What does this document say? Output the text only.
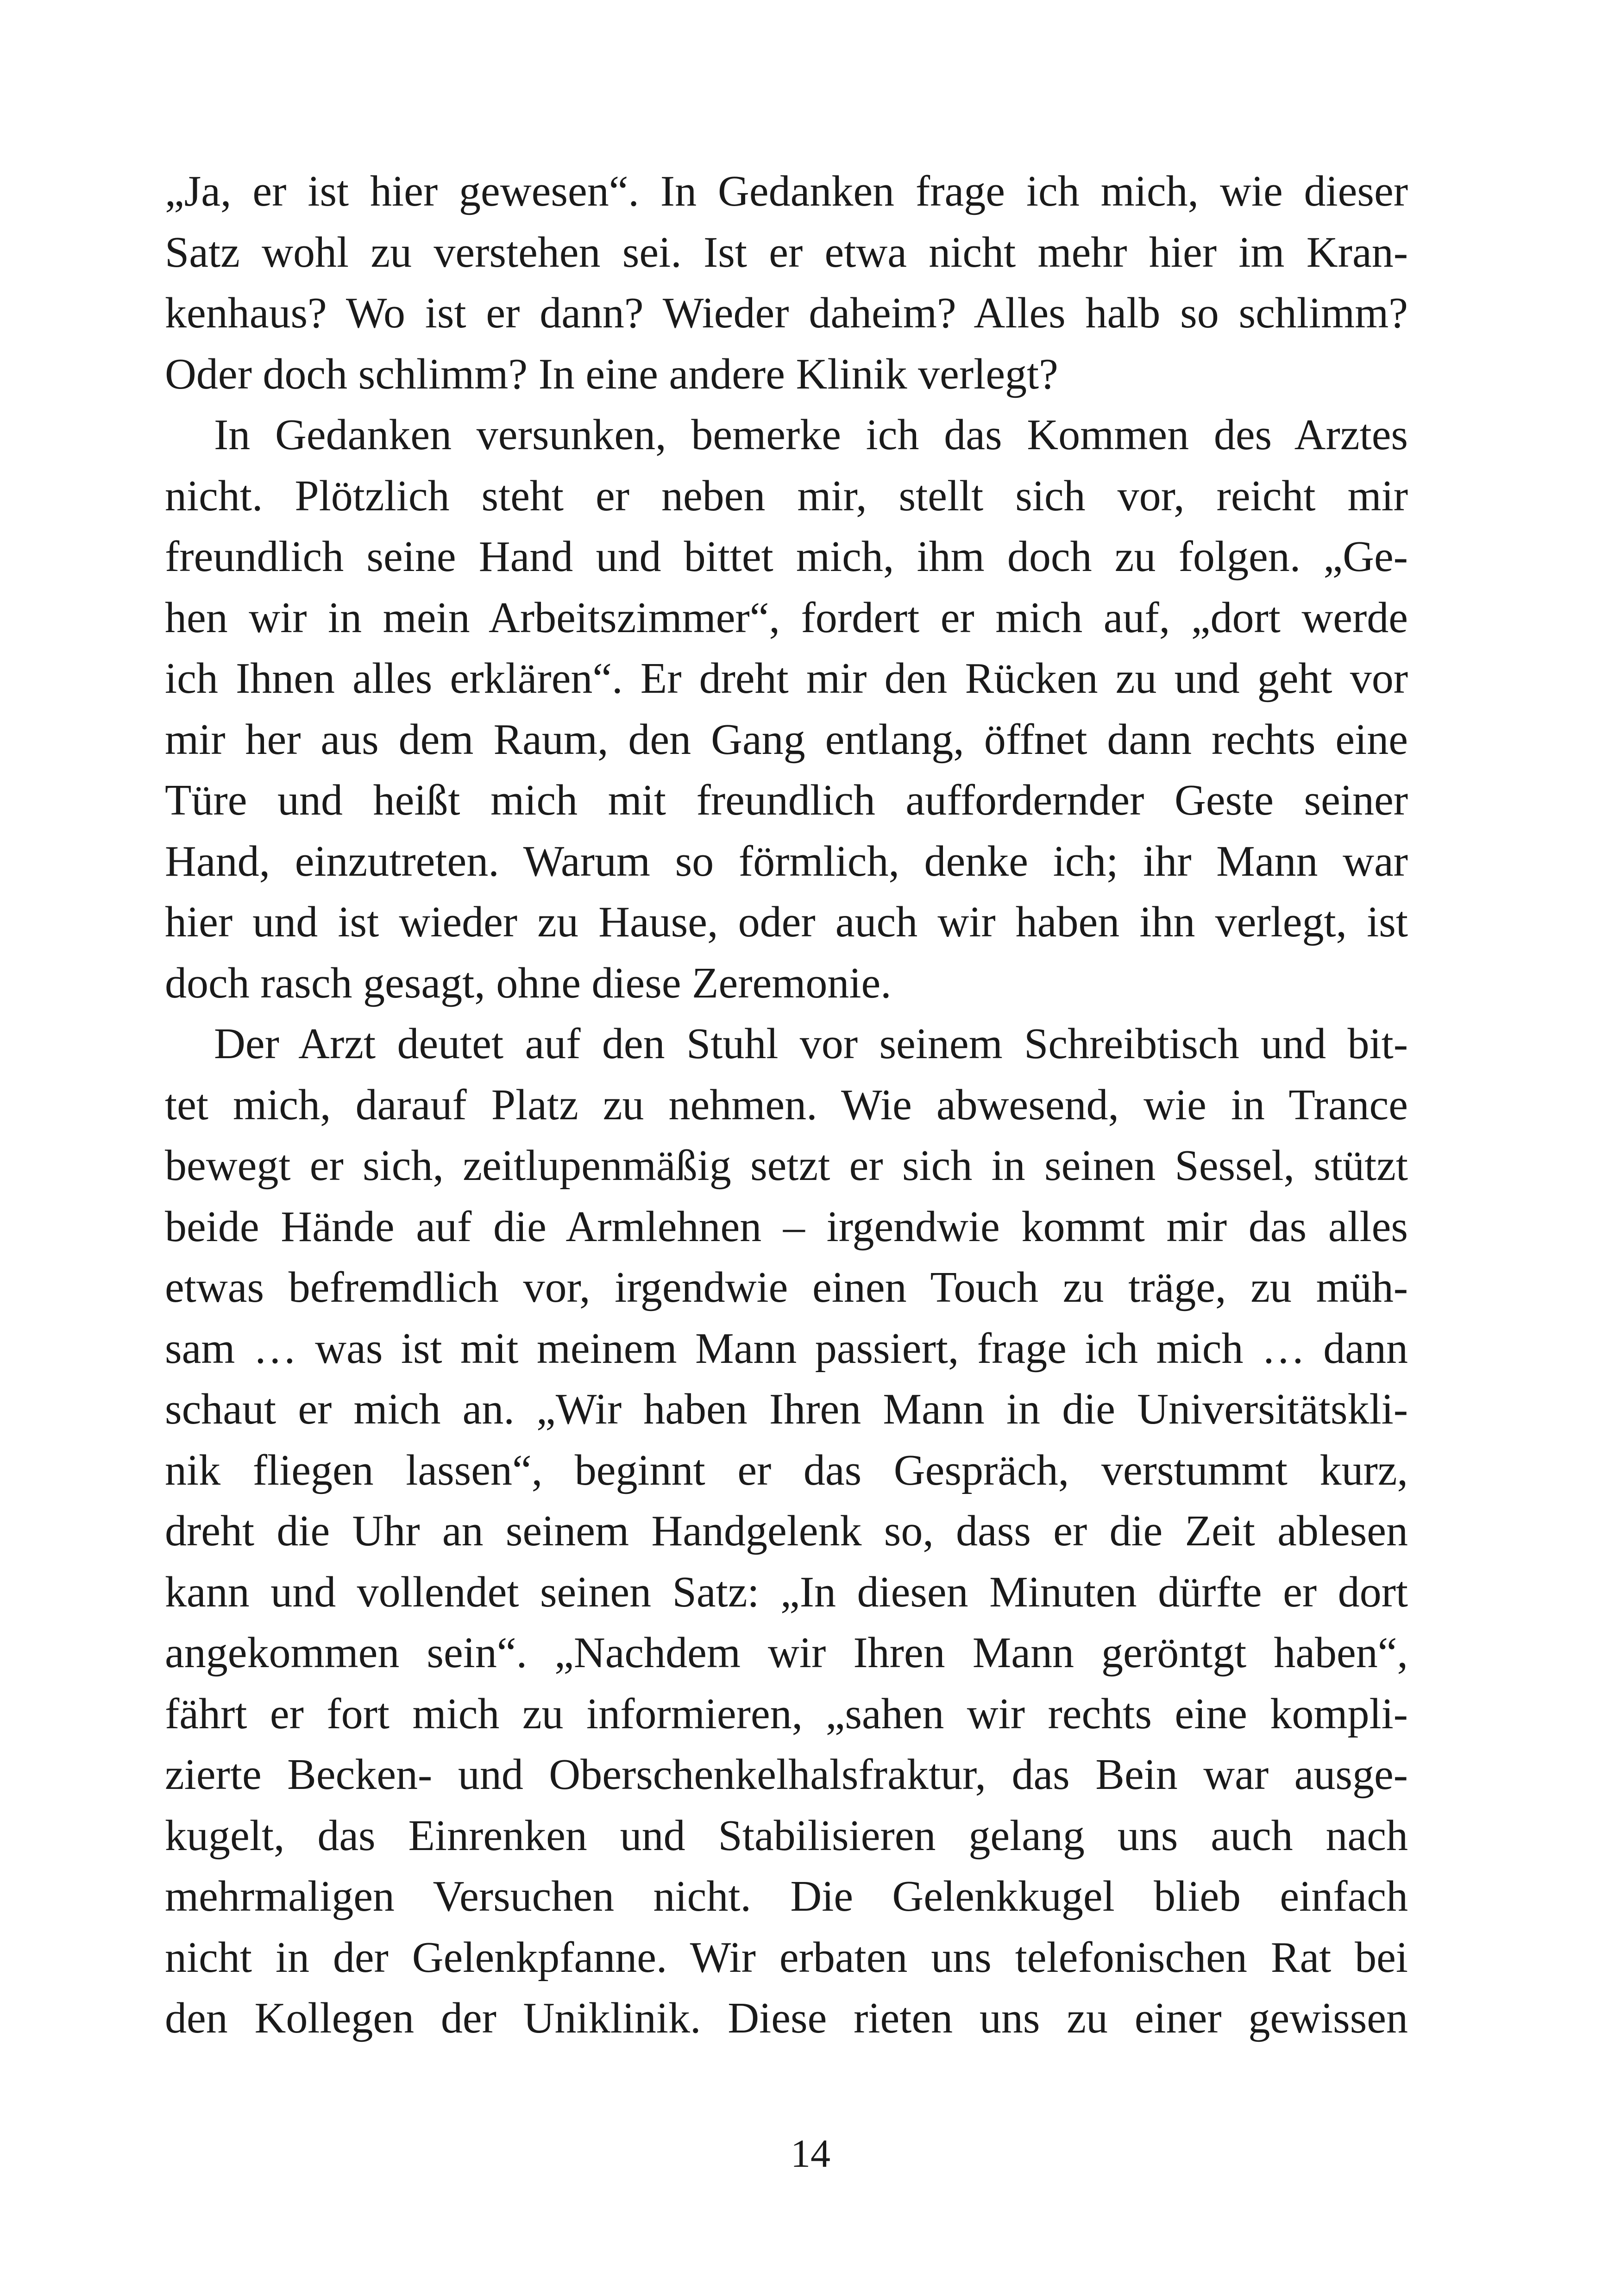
„Ja, er ist hier gewesen“. In Gedanken frage ich mich, wie dieser
Satz wohl zu verstehen sei. Ist er etwa nicht mehr hier im Kran-
kenhaus? Wo ist er dann? Wieder daheim? Alles halb so schlimm?
Oder doch schlimm? In eine andere Klinik verlegt?
In Gedanken versunken, bemerke ich das Kommen des Arztes
nicht. Plötzlich steht er neben mir, stellt sich vor, reicht mir
freundlich seine Hand und bittet mich, ihm doch zu folgen. „Ge-
hen wir in mein Arbeitszimmer“, fordert er mich auf, „dort werde
ich Ihnen alles erklären“. Er dreht mir den Rücken zu und geht vor
mir her aus dem Raum, den Gang entlang, öffnet dann rechts eine
Türe und heißt mich mit freundlich auffordernder Geste seiner
Hand, einzutreten. Warum so förmlich, denke ich; ihr Mann war
hier und ist wieder zu Hause, oder auch wir haben ihn verlegt, ist
doch rasch gesagt, ohne diese Zeremonie.
Der Arzt deutet auf den Stuhl vor seinem Schreibtisch und bit-
tet mich, darauf Platz zu nehmen. Wie abwesend, wie in Trance
bewegt er sich, zeitlupenmäßig setzt er sich in seinen Sessel, stützt
beide Hände auf die Armlehnen – irgendwie kommt mir das alles
etwas befremdlich vor, irgendwie einen Touch zu träge, zu müh-
sam … was ist mit meinem Mann passiert, frage ich mich … dann
schaut er mich an. „Wir haben Ihren Mann in die Universitätskli-
nik fliegen lassen“, beginnt er das Gespräch, verstummt kurz,
dreht die Uhr an seinem Handgelenk so, dass er die Zeit ablesen
kann und vollendet seinen Satz: „In diesen Minuten dürfte er dort
angekommen sein“. „Nachdem wir Ihren Mann geröntgt haben“,
fährt er fort mich zu informieren, „sahen wir rechts eine kompli-
zierte Becken- und Oberschenkelhalsfraktur, das Bein war ausge-
kugelt, das Einrenken und Stabilisieren gelang uns auch nach
mehrmaligen Versuchen nicht. Die Gelenkkugel blieb einfach
nicht in der Gelenkpfanne. Wir erbaten uns telefonischen Rat bei
den Kollegen der Uniklinik. Diese rieten uns zu einer gewissen
14
